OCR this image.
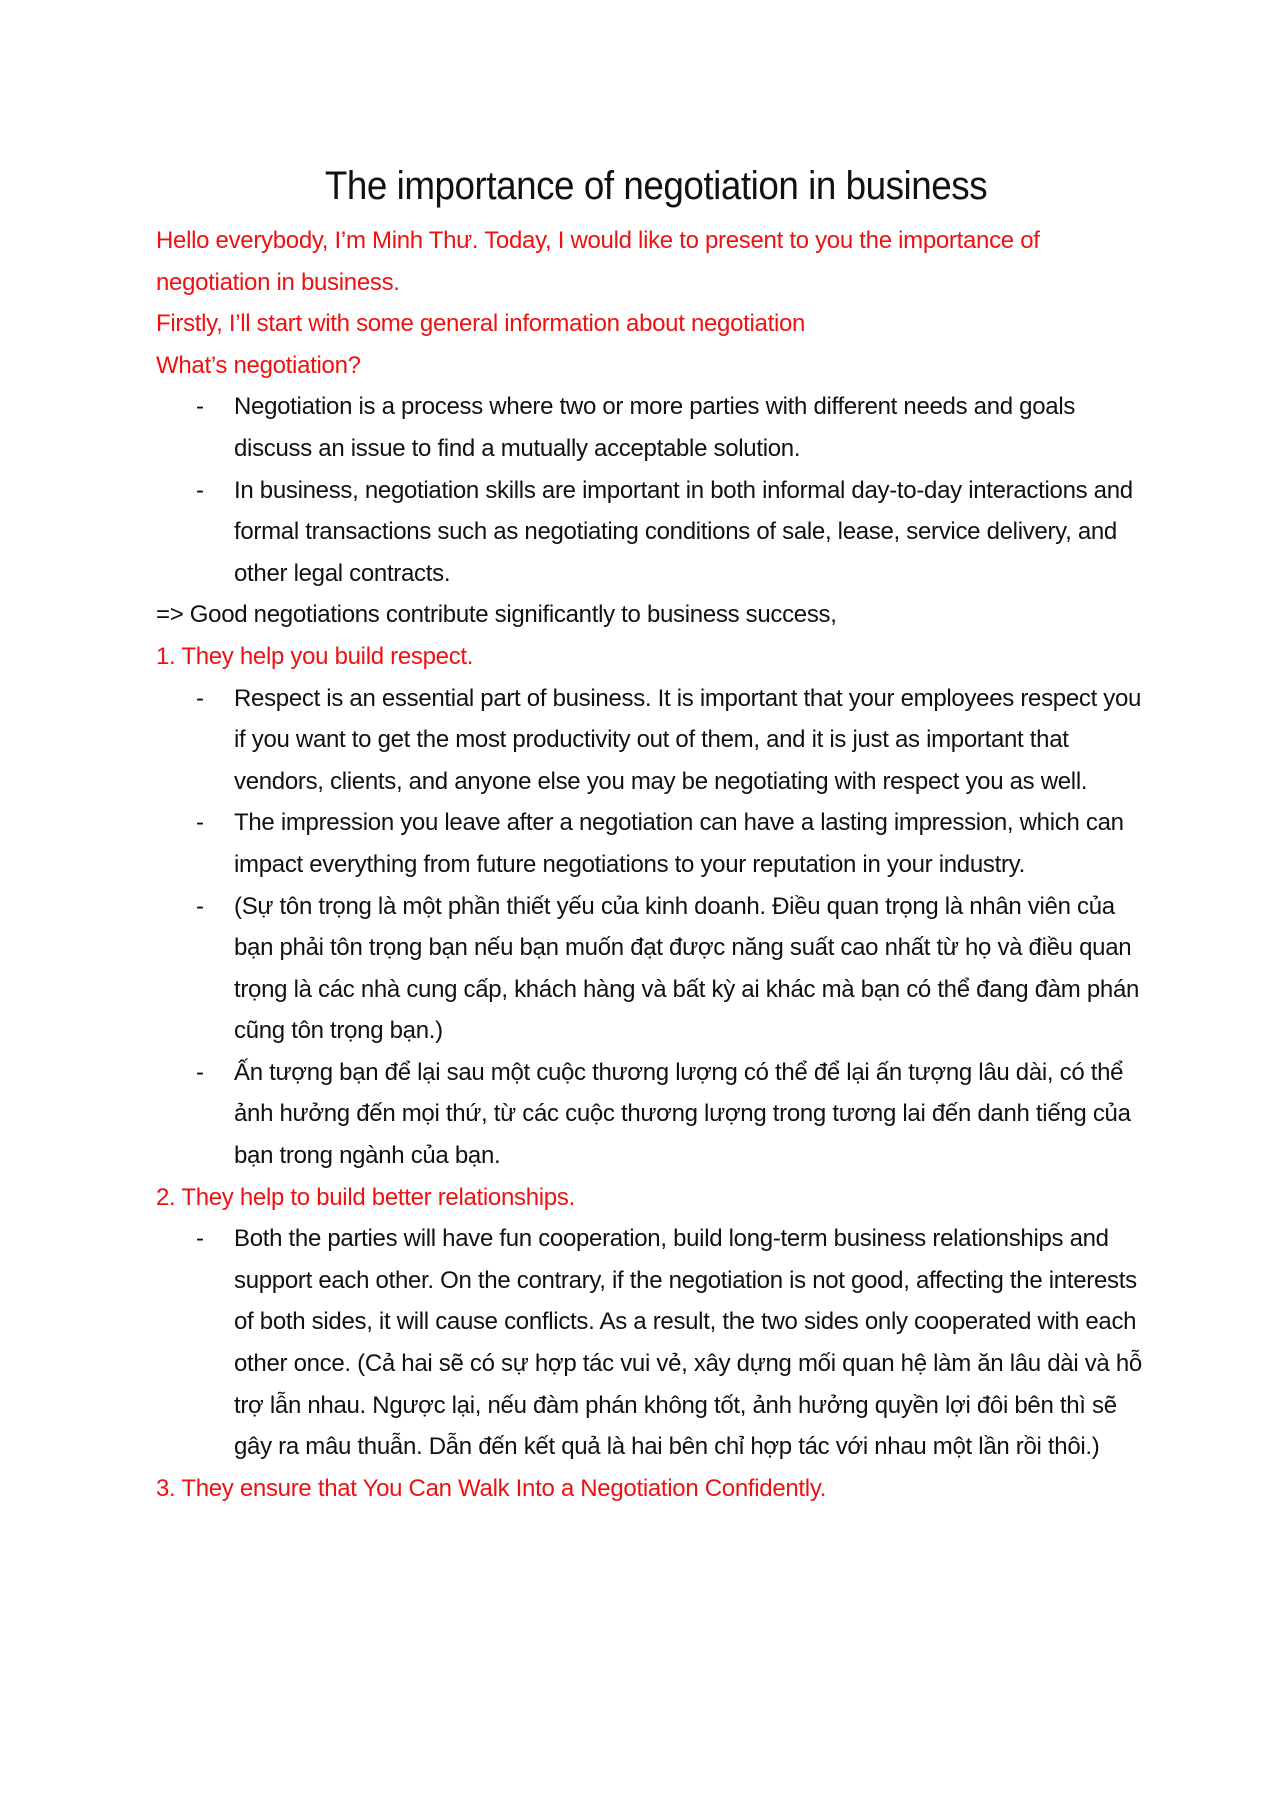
The importance of negotiation in business

Hello everybody, I’m Minh Thư. Today, I would like to present to you the importance of negotiation in business.

Firstly, I’ll start with some general information about negotiation

What’s negotiation?

- Negotiation is a process where two or more parties with different needs and goals discuss an issue to find a mutually acceptable solution.
- In business, negotiation skills are important in both informal day-to-day interactions and formal transactions such as negotiating conditions of sale, lease, service delivery, and other legal contracts.

=> Good negotiations contribute significantly to business success,

1. They help you build respect.

- Respect is an essential part of business. It is important that your employees respect you if you want to get the most productivity out of them, and it is just as important that vendors, clients, and anyone else you may be negotiating with respect you as well.
- The impression you leave after a negotiation can have a lasting impression, which can impact everything from future negotiations to your reputation in your industry.
- (Sự tôn trọng là một phần thiết yếu của kinh doanh. Điều quan trọng là nhân viên của bạn phải tôn trọng bạn nếu bạn muốn đạt được năng suất cao nhất từ họ và điều quan trọng là các nhà cung cấp, khách hàng và bất kỳ ai khác mà bạn có thể đang đàm phán cũng tôn trọng bạn.)
- Ấn tượng bạn để lại sau một cuộc thương lượng có thể để lại ấn tượng lâu dài, có thể ảnh hưởng đến mọi thứ, từ các cuộc thương lượng trong tương lai đến danh tiếng của bạn trong ngành của bạn.

2. They help to build better relationships.

- Both the parties will have fun cooperation, build long-term business relationships and support each other. On the contrary, if the negotiation is not good, affecting the interests of both sides, it will cause conflicts. As a result, the two sides only cooperated with each other once. (Cả hai sẽ có sự hợp tác vui vẻ, xây dựng mối quan hệ làm ăn lâu dài và hỗ trợ lẫn nhau. Ngược lại, nếu đàm phán không tốt, ảnh hưởng quyền lợi đôi bên thì sẽ gây ra mâu thuẫn. Dẫn đến kết quả là hai bên chỉ hợp tác với nhau một lần rồi thôi.)

3. They ensure that You Can Walk Into a Negotiation Confidently.
